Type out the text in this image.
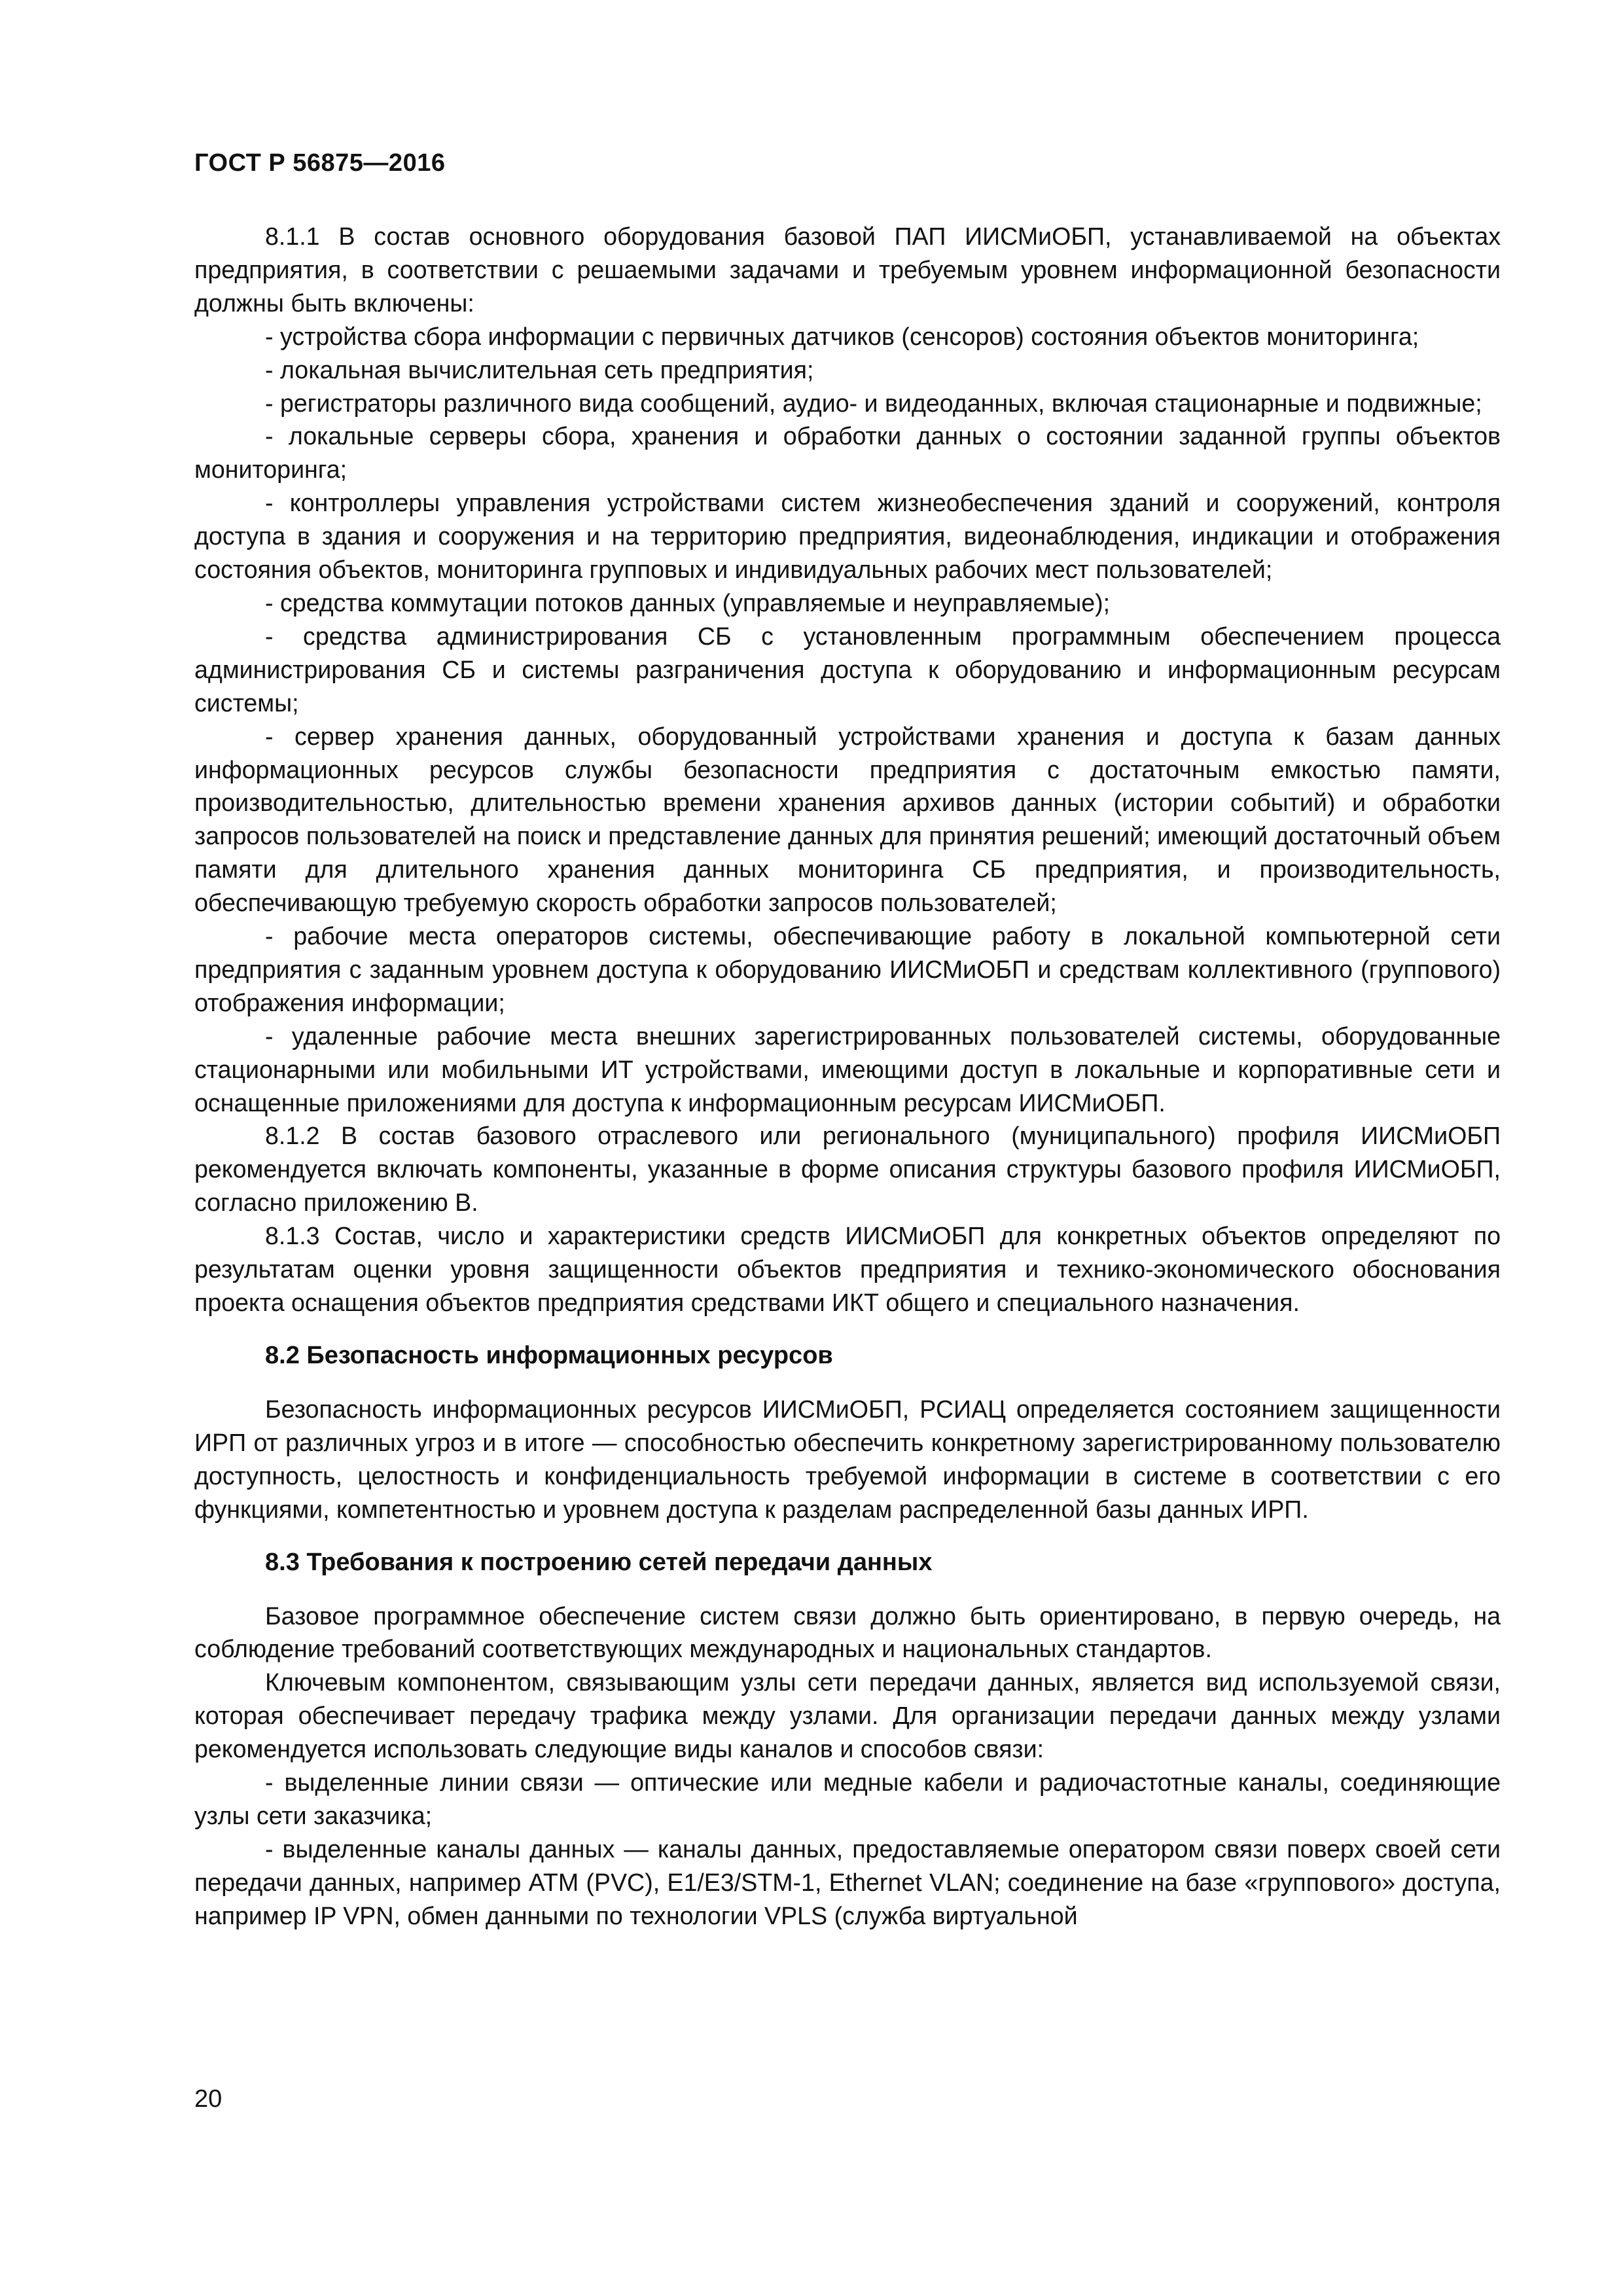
ГОСТ Р 56875—2016

8.1.1 В состав основного оборудования базовой ПАП ИИСМиОБП, устанавливаемой на объектах предприятия, в соответствии с решаемыми задачами и требуемым уровнем информационной безопасности должны быть включены:

- устройства сбора информации с первичных датчиков (сенсоров) состояния объектов мониторинга;

- локальная вычислительная сеть предприятия;

- регистраторы различного вида сообщений, аудио- и видеоданных, включая стационарные и подвижные;

- локальные серверы сбора, хранения и обработки данных о состоянии заданной группы объектов мониторинга;

- контроллеры управления устройствами систем жизнеобеспечения зданий и сооружений, контроля доступа в здания и сооружения и на территорию предприятия, видеонаблюдения, индикации и отображения состояния объектов, мониторинга групповых и индивидуальных рабочих мест пользователей;

- средства коммутации потоков данных (управляемые и неуправляемые);

- средства администрирования СБ с установленным программным обеспечением процесса администрирования СБ и системы разграничения доступа к оборудованию и информационным ресурсам системы;

- сервер хранения данных, оборудованный устройствами хранения и доступа к базам данных информационных ресурсов службы безопасности предприятия с достаточным емкостью памяти, производительностью, длительностью времени хранения архивов данных (истории событий) и обработки запросов пользователей на поиск и представление данных для принятия решений; имеющий достаточный объем памяти для длительного хранения данных мониторинга СБ предприятия, и производительность, обеспечивающую требуемую скорость обработки запросов пользователей;

- рабочие места операторов системы, обеспечивающие работу в локальной компьютерной сети предприятия с заданным уровнем доступа к оборудованию ИИСМиОБП и средствам коллективного (группового) отображения информации;

- удаленные рабочие места внешних зарегистрированных пользователей системы, оборудованные стационарными или мобильными ИТ устройствами, имеющими доступ в локальные и корпоративные сети и оснащенные приложениями для доступа к информационным ресурсам ИИСМиОБП.

8.1.2 В состав базового отраслевого или регионального (муниципального) профиля ИИСМиОБП рекомендуется включать компоненты, указанные в форме описания структуры базового профиля ИИСМиОБП, согласно приложению В.

8.1.3 Состав, число и характеристики средств ИИСМиОБП для конкретных объектов определяют по результатам оценки уровня защищенности объектов предприятия и технико-экономического обоснования проекта оснащения объектов предприятия средствами ИКТ общего и специального назначения.

8.2 Безопасность информационных ресурсов

Безопасность информационных ресурсов ИИСМиОБП, РСИАЦ определяется состоянием защищенности ИРП от различных угроз и в итоге — способностью обеспечить конкретному зарегистрированному пользователю доступность, целостность и конфиденциальность требуемой информации в системе в соответствии с его функциями, компетентностью и уровнем доступа к разделам распределенной базы данных ИРП.

8.3 Требования к построению сетей передачи данных

Базовое программное обеспечение систем связи должно быть ориентировано, в первую очередь, на соблюдение требований соответствующих международных и национальных стандартов.

Ключевым компонентом, связывающим узлы сети передачи данных, является вид используемой связи, которая обеспечивает передачу трафика между узлами. Для организации передачи данных между узлами рекомендуется использовать следующие виды каналов и способов связи:

- выделенные линии связи — оптические или медные кабели и радиочастотные каналы, соединяющие узлы сети заказчика;

- выделенные каналы данных — каналы данных, предоставляемые оператором связи поверх своей сети передачи данных, например ATM (PVC), E1/E3/STM-1, Ethernet VLAN; соединение на базе «группового» доступа, например IP VPN, обмен данными по технологии VPLS (служба виртуальной

20
